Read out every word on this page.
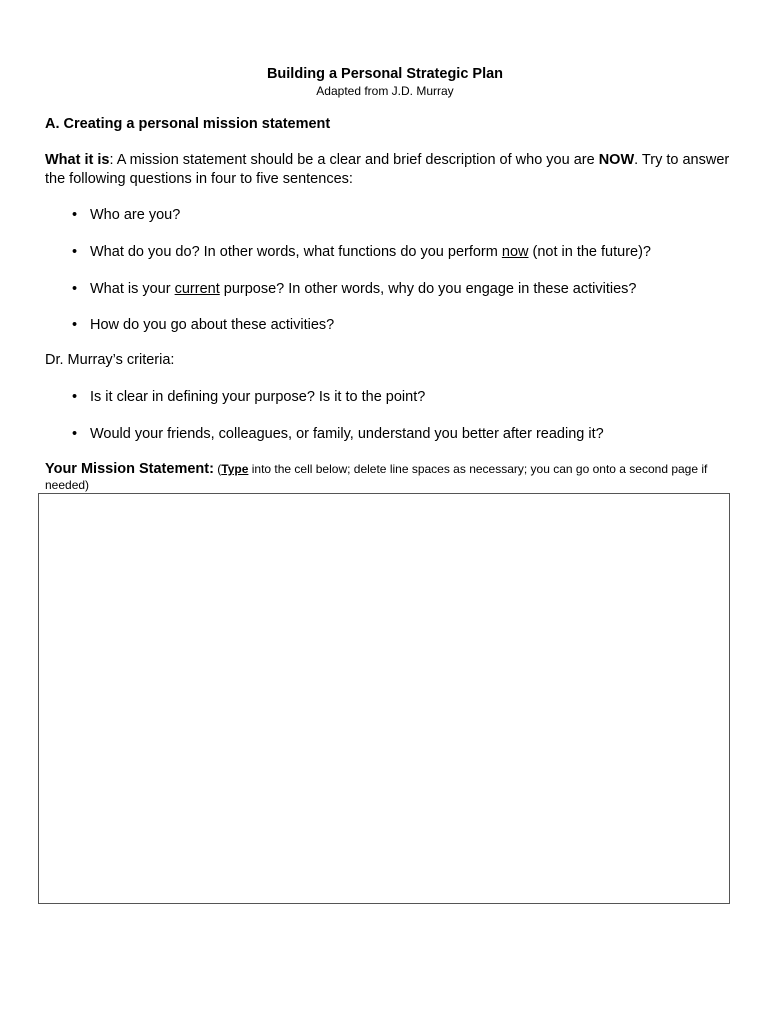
Building a Personal Strategic Plan
Adapted from J.D. Murray
A. Creating a personal mission statement
What it is: A mission statement should be a clear and brief description of who you are NOW. Try to answer the following questions in four to five sentences:
• Who are you?
• What do you do? In other words, what functions do you perform now (not in the future)?
• What is your current purpose? In other words, why do you engage in these activities?
• How do you go about these activities?
Dr. Murray’s criteria:
• Is it clear in defining your purpose? Is it to the point?
• Would your friends, colleagues, or family, understand you better after reading it?
Your Mission Statement: (Type into the cell below; delete line spaces as necessary; you can go onto a second page if needed)
